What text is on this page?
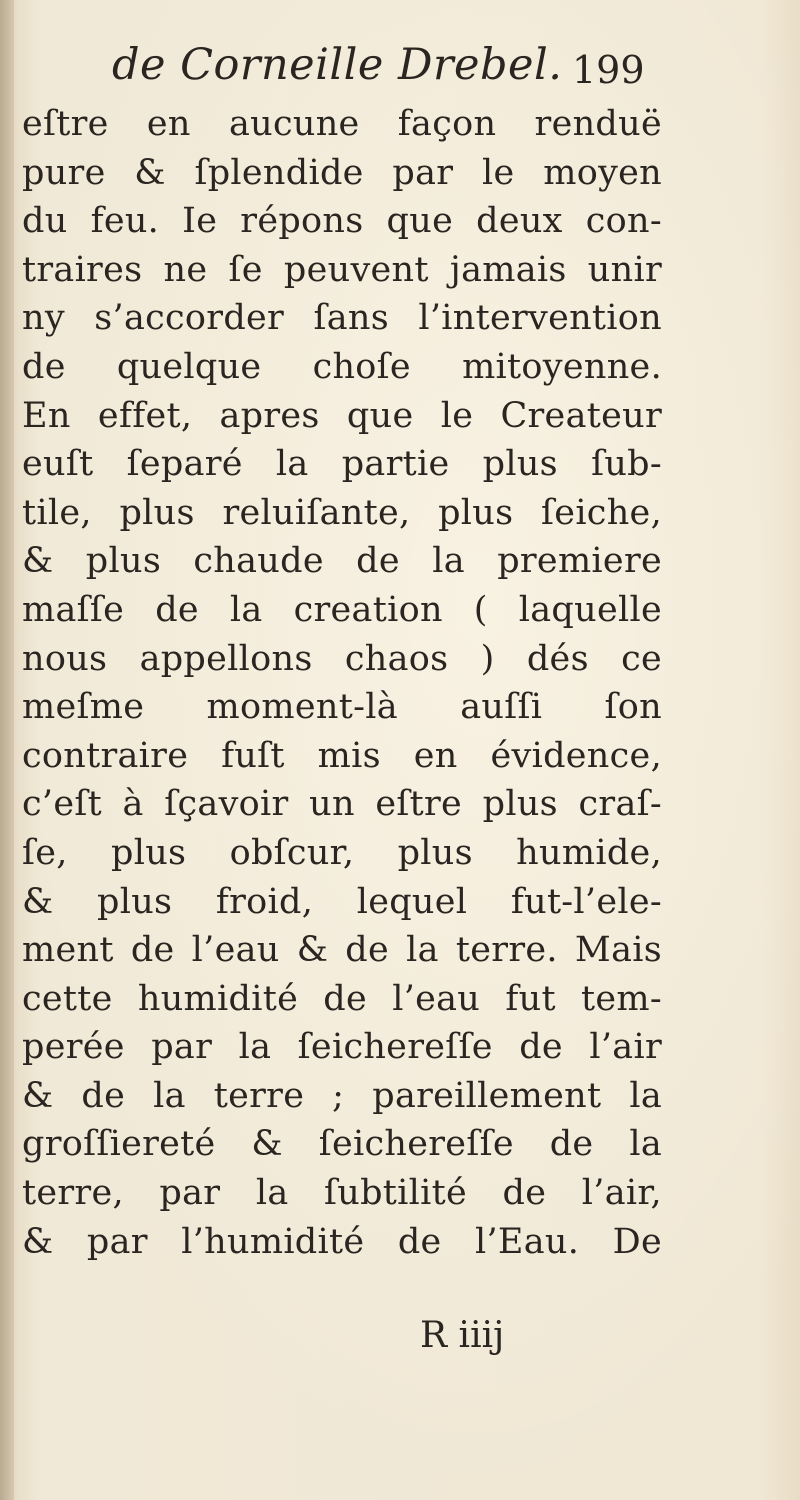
de Corneille Drebel. 199
eſtre en aucune façon renduë
pure & ſplendide par le moyen
du feu. Ie répons que deux con-
traires ne ſe peuvent jamais unir
ny s’accorder ſans l’intervention
de quelque choſe mitoyenne.
En effet, apres que le Createur
euſt ſeparé la partie plus ſub-
tile, plus reluiſante, plus ſeiche,
& plus chaude de la premiere
maſſe de la creation ( laquelle
nous appellons chaos ) dés ce
meſme moment-là auſſi ſon
contraire fuſt mis en évidence,
c’eſt à ſçavoir un eſtre plus craſ-
ſe, plus obſcur, plus humide,
& plus froid, lequel fut-l’ele-
ment de l’eau & de la terre. Mais
cette humidité de l’eau fut tem-
perée par la ſeichereſſe de l’air
& de la terre ; pareillement la
groſſiereté & ſeichereſſe de la
terre, par la ſubtilité de l’air,
& par l’humidité de l’Eau. De
R iiij
